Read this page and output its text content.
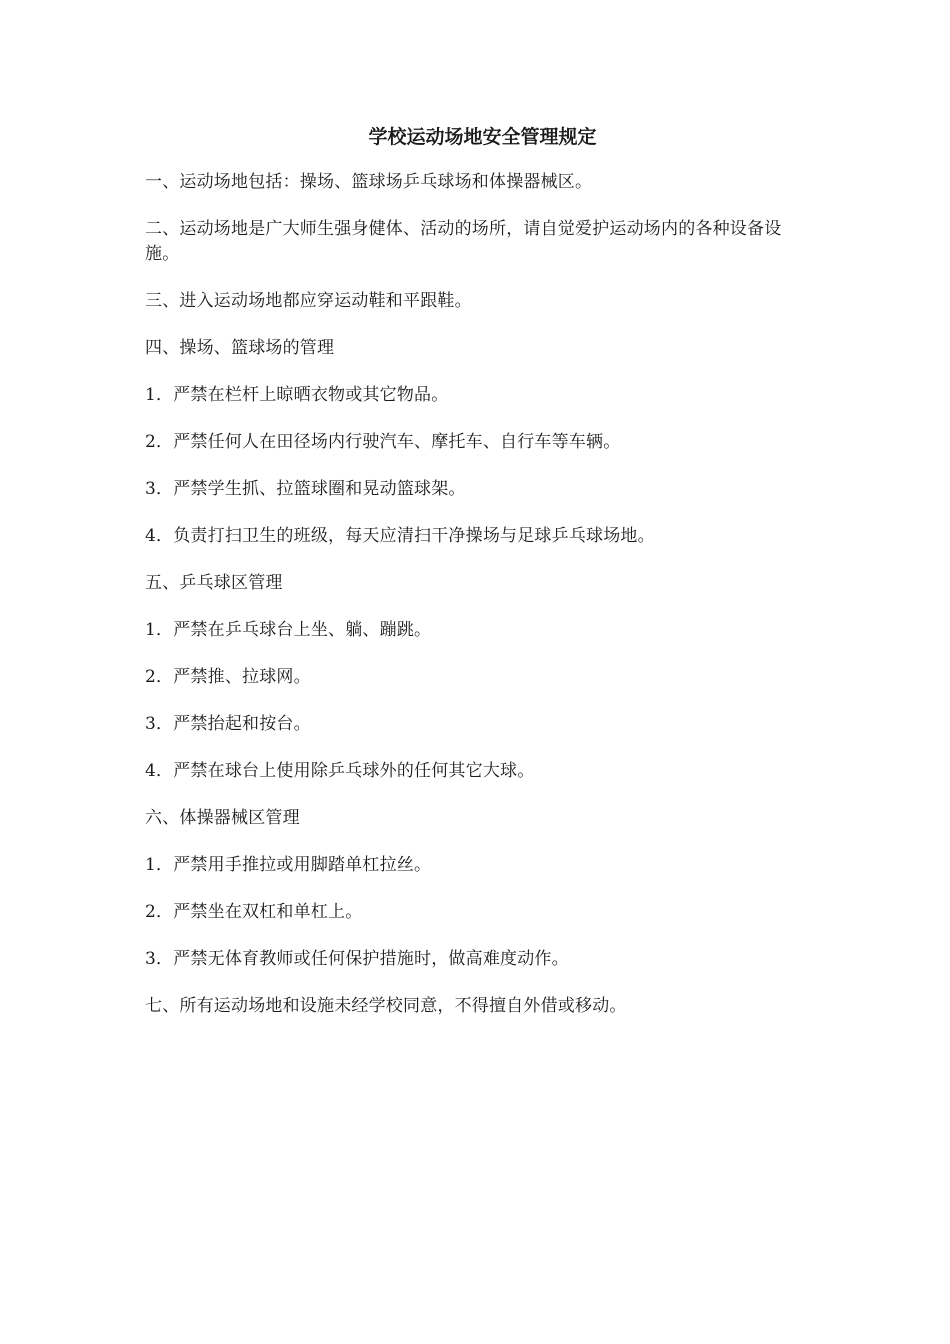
学校运动场地安全管理规定

一、运动场地包括：操场、篮球场乒乓球场和体操器械区。

二、运动场地是广大师生强身健体、活动的场所，请自觉爱护运动场内的各种设备设施。

三、进入运动场地都应穿运动鞋和平跟鞋。

四、操场、篮球场的管理

1．严禁在栏杆上晾晒衣物或其它物品。

2．严禁任何人在田径场内行驶汽车、摩托车、自行车等车辆。

3．严禁学生抓、拉篮球圈和晃动篮球架。

4．负责打扫卫生的班级，每天应清扫干净操场与足球乒乓球场地。

五、乒乓球区管理

1．严禁在乒乓球台上坐、躺、蹦跳。

2．严禁推、拉球网。

3．严禁抬起和按台。

4．严禁在球台上使用除乒乓球外的任何其它大球。

六、体操器械区管理

1．严禁用手推拉或用脚踏单杠拉丝。

2．严禁坐在双杠和单杠上。

3．严禁无体育教师或任何保护措施时，做高难度动作。

七、所有运动场地和设施未经学校同意，不得擅自外借或移动。
